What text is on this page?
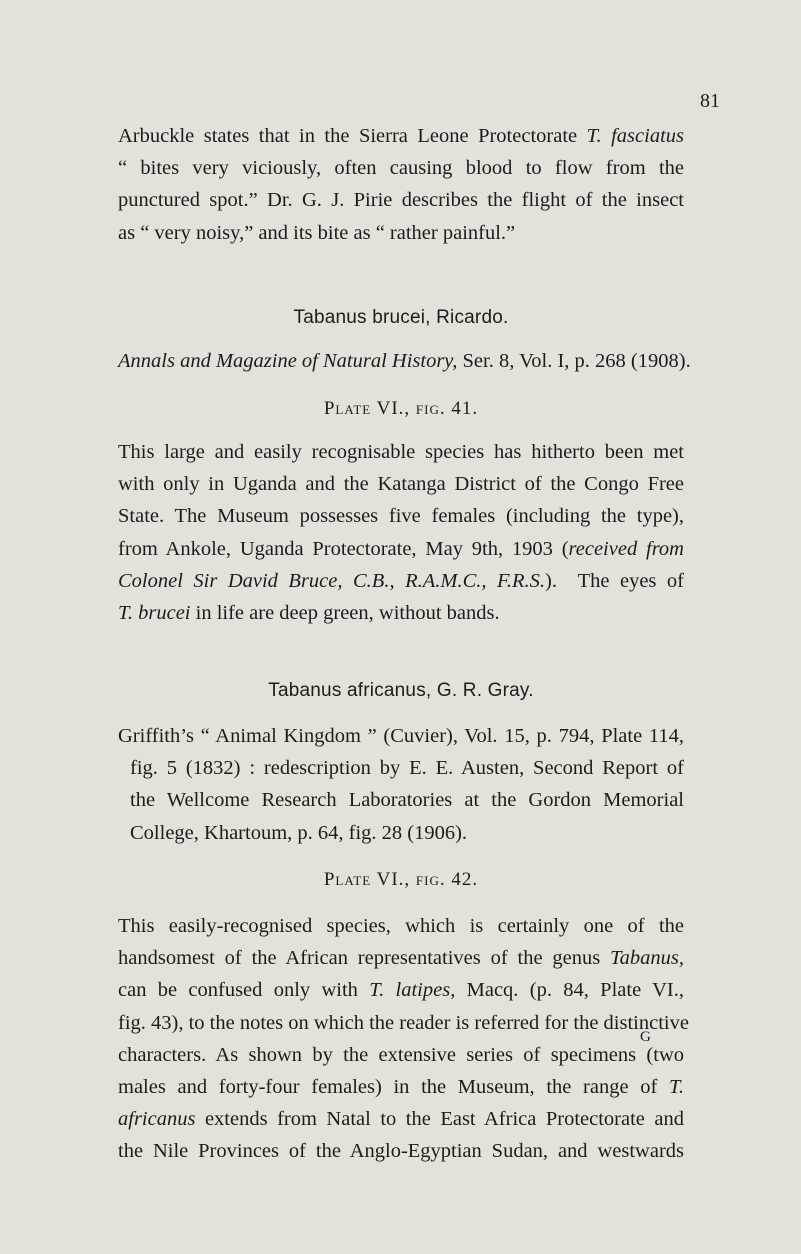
81

Arbuckle states that in the Sierra Leone Protectorate T. fasciatus
“ bites very viciously, often causing blood to flow from the
punctured spot.” Dr. G. J. Pirie describes the flight of the insect
as “ very noisy,” and its bite as “ rather painful.”

Tabanus brucei, Ricardo.
Annals and Magazine of Natural History, Ser. 8, Vol. I, p. 268 (1908).
Plate VI., fig. 41.

This large and easily recognisable species has hitherto been met
with only in Uganda and the Katanga District of the Congo Free
State. The Museum possesses five females (including the type),
from Ankole, Uganda Protectorate, May 9th, 1903 (received from
Colonel Sir David Bruce, C.B., R.A.M.C., F.R.S.).  The eyes of
T. brucei in life are deep green, without bands.

Tabanus africanus, G. R. Gray.

Griffith’s “ Animal Kingdom ” (Cuvier), Vol. 15, p. 794, Plate 114,
fig. 5 (1832) : redescription by E. E. Austen, Second Report of
the Wellcome Research Laboratories at the Gordon Memorial
College, Khartoum, p. 64, fig. 28 (1906).

Plate VI., fig. 42.

This easily-recognised species, which is certainly one of the
handsomest of the African representatives of the genus Tabanus,
can be confused only with T. latipes, Macq. (p. 84, Plate VI.,
fig. 43), to the notes on which the reader is referred for the distinctive
characters. As shown by the extensive series of specimens (two
males and forty-four females) in the Museum, the range of T.
africanus extends from Natal to the East Africa Protectorate and
the Nile Provinces of the Anglo-Egyptian Sudan, and westwards

G
